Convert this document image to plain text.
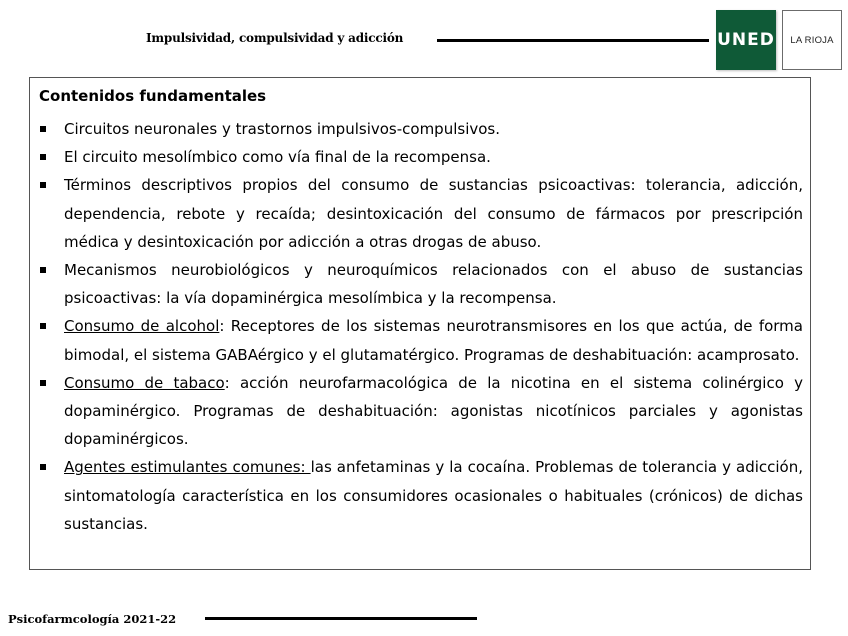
Impulsividad, compulsividad y adicción	UNED LA RIOJA
Contenidos fundamentales
Circuitos neuronales y trastornos impulsivos-compulsivos.
El circuito mesolímbico como vía final de la recompensa.
Términos descriptivos propios del consumo de sustancias psicoactivas: tolerancia, adicción, dependencia, rebote y recaída; desintoxicación del consumo de fármacos por prescripción médica y desintoxicación por adicción a otras drogas de abuso.
Mecanismos neurobiológicos y neuroquímicos relacionados con el abuso de sustancias psicoactivas: la vía dopaminérgica mesolímbica y la recompensa.
Consumo de alcohol: Receptores de los sistemas neurotransmisores en los que actúa, de forma bimodal, el sistema GABAérgico y el glutamatérgico. Programas de deshabituación: acamprosato.
Consumo de tabaco: acción neurofarmacológica de la nicotina en el sistema colinérgico y dopaminérgico. Programas de deshabituación: agonistas nicotínicos parciales y agonistas dopaminérgicos.
Agentes estimulantes comunes: las anfetaminas y la cocaína. Problemas de tolerancia y adicción, sintomatología característica en los consumidores ocasionales o habituales (crónicos) de dichas sustancias.
Psicofarmcología 2021-22
